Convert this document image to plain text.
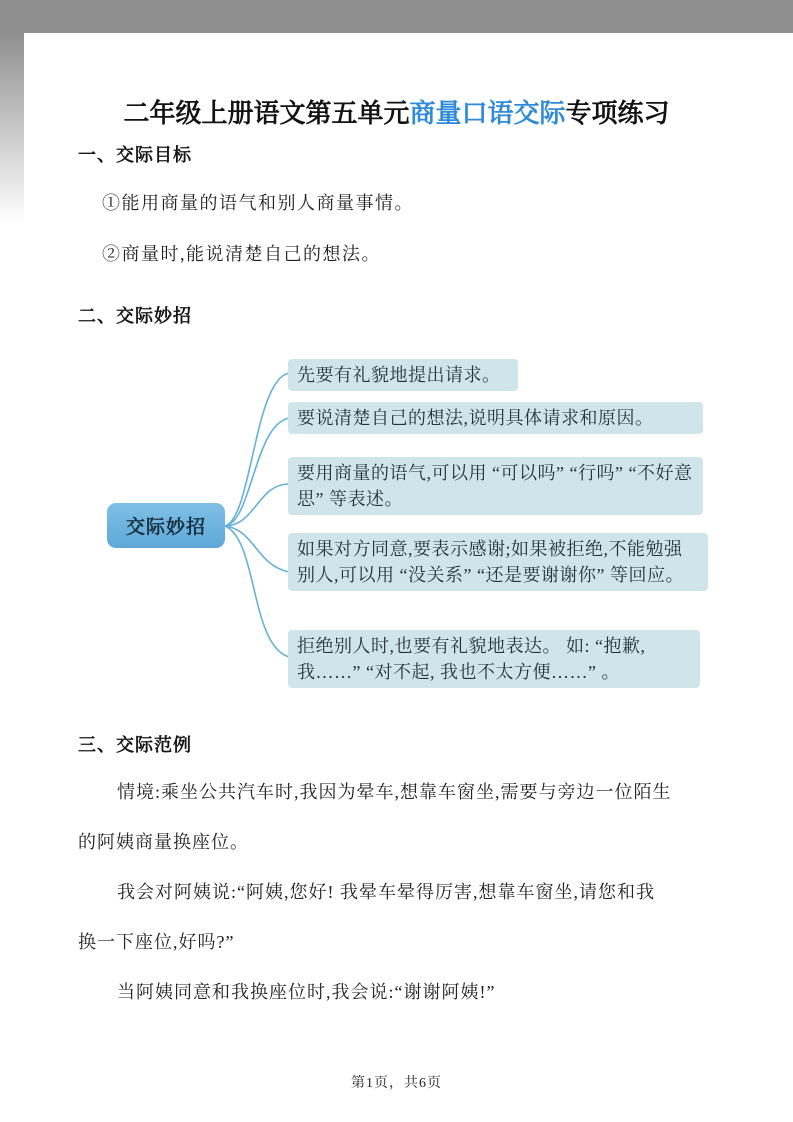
二年级上册语文第五单元商量口语交际专项练习
一、交际目标
①能用商量的语气和别人商量事情。
②商量时,能说清楚自己的想法。
二、交际妙招
交际妙招
先要有礼貌地提出请求。
要说清楚自己的想法,说明具体请求和原因。
要用商量的语气,可以用 “可以吗” “行吗” “不好意思” 等表述。
如果对方同意,要表示感谢;如果被拒绝,不能勉强别人,可以用 “没关系” “还是要谢谢你” 等回应。
拒绝别人时,也要有礼貌地表达。 如: “抱歉,我……” “对不起, 我也不太方便……” 。
三、交际范例
情境:乘坐公共汽车时,我因为晕车,想靠车窗坐,需要与旁边一位陌生
的阿姨商量换座位。
我会对阿姨说:“阿姨,您好! 我晕车晕得厉害,想靠车窗坐,请您和我
换一下座位,好吗?”
当阿姨同意和我换座位时,我会说:“谢谢阿姨!”
第1页，共6页
